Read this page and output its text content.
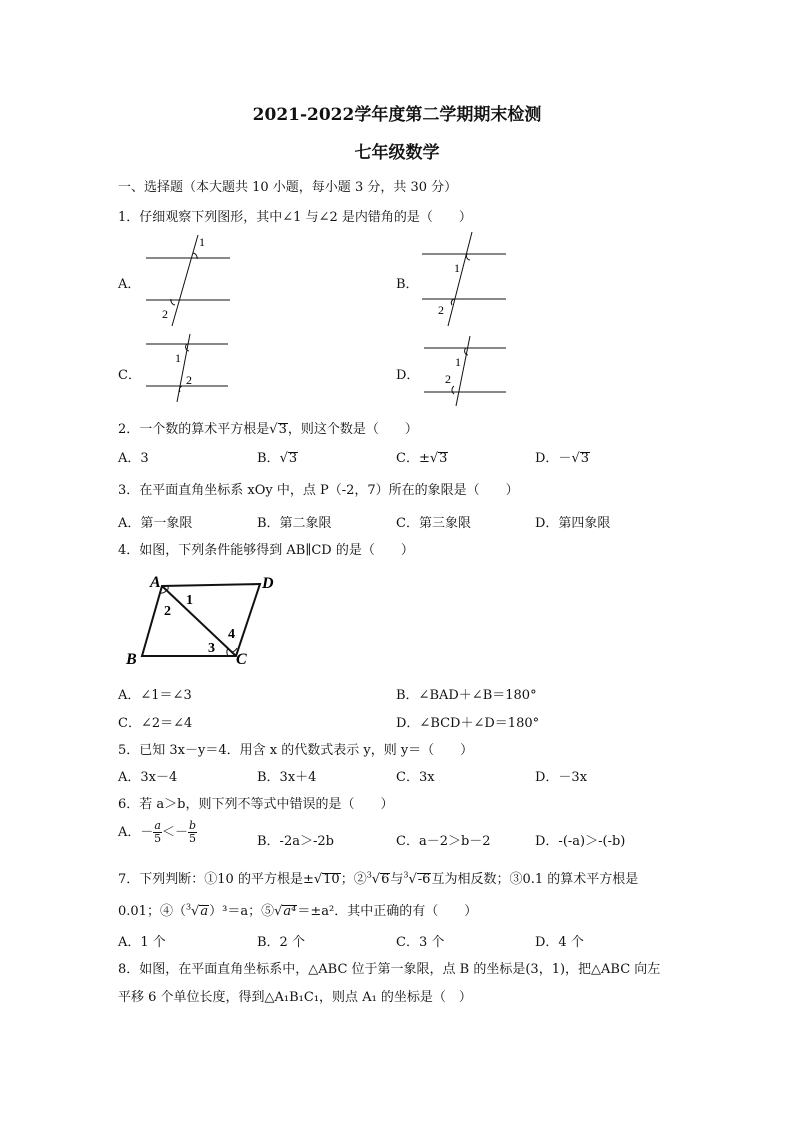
2021-2022学年度第二学期期末检测
七年级数学
一、选择题（本大题共 10 小题，每小题 3 分，共 30 分）
1．仔细观察下列图形，其中∠1 与∠2 是内错角的是（　　）
A．
1
2
B．
1
2
C．
1
2	D．
1
2
2．一个数的算术平方根是√3，则这个数是（　　）
A．3	B．√3	C．±√3	D．－√3
3．在平面直角坐标系 xOy 中，点 P（-2，7）所在的象限是（　　）
A．第一象限	B．第二象限	C．第三象限	D．第四象限
4．如图，下列条件能够得到 AB∥CD 的是（　　）
A	D
B	C
1
2
3
4
A．∠1＝∠3	B．∠BAD＋∠B＝180°
C．∠2＝∠4	D．∠BCD＋∠D＝180°
5．已知 3x－y＝4．用含 x 的代数式表示 y，则 y＝（　　）
A．3x－4	B．3x＋4	C．3x	D．－3x
6．若 a＞b，则下列不等式中错误的是（　　）
A．－ $\frac{a}{5} <- \frac{b}{5}$	B．-2a＞-2b	C．a－2＞b－2	D．-(-a)＞-(-b)
7．下列判断：①10 的平方根是±√10；②$^3$√6与$^3$√-6互为相反数；③0.1 的算术平方根是
0.01；④（$^3$√a）³＝a；⑤√a⁴＝±a²．其中正确的有（　　）
A．1 个	B．2 个	C．3 个	D．4 个
8．如图，在平面直角坐标系中，△ABC 位于第一象限，点 B 的坐标是(3，1)，把△ABC 向左
平移 6 个单位长度，得到△A₁B₁C₁，则点 A₁ 的坐标是（　）
